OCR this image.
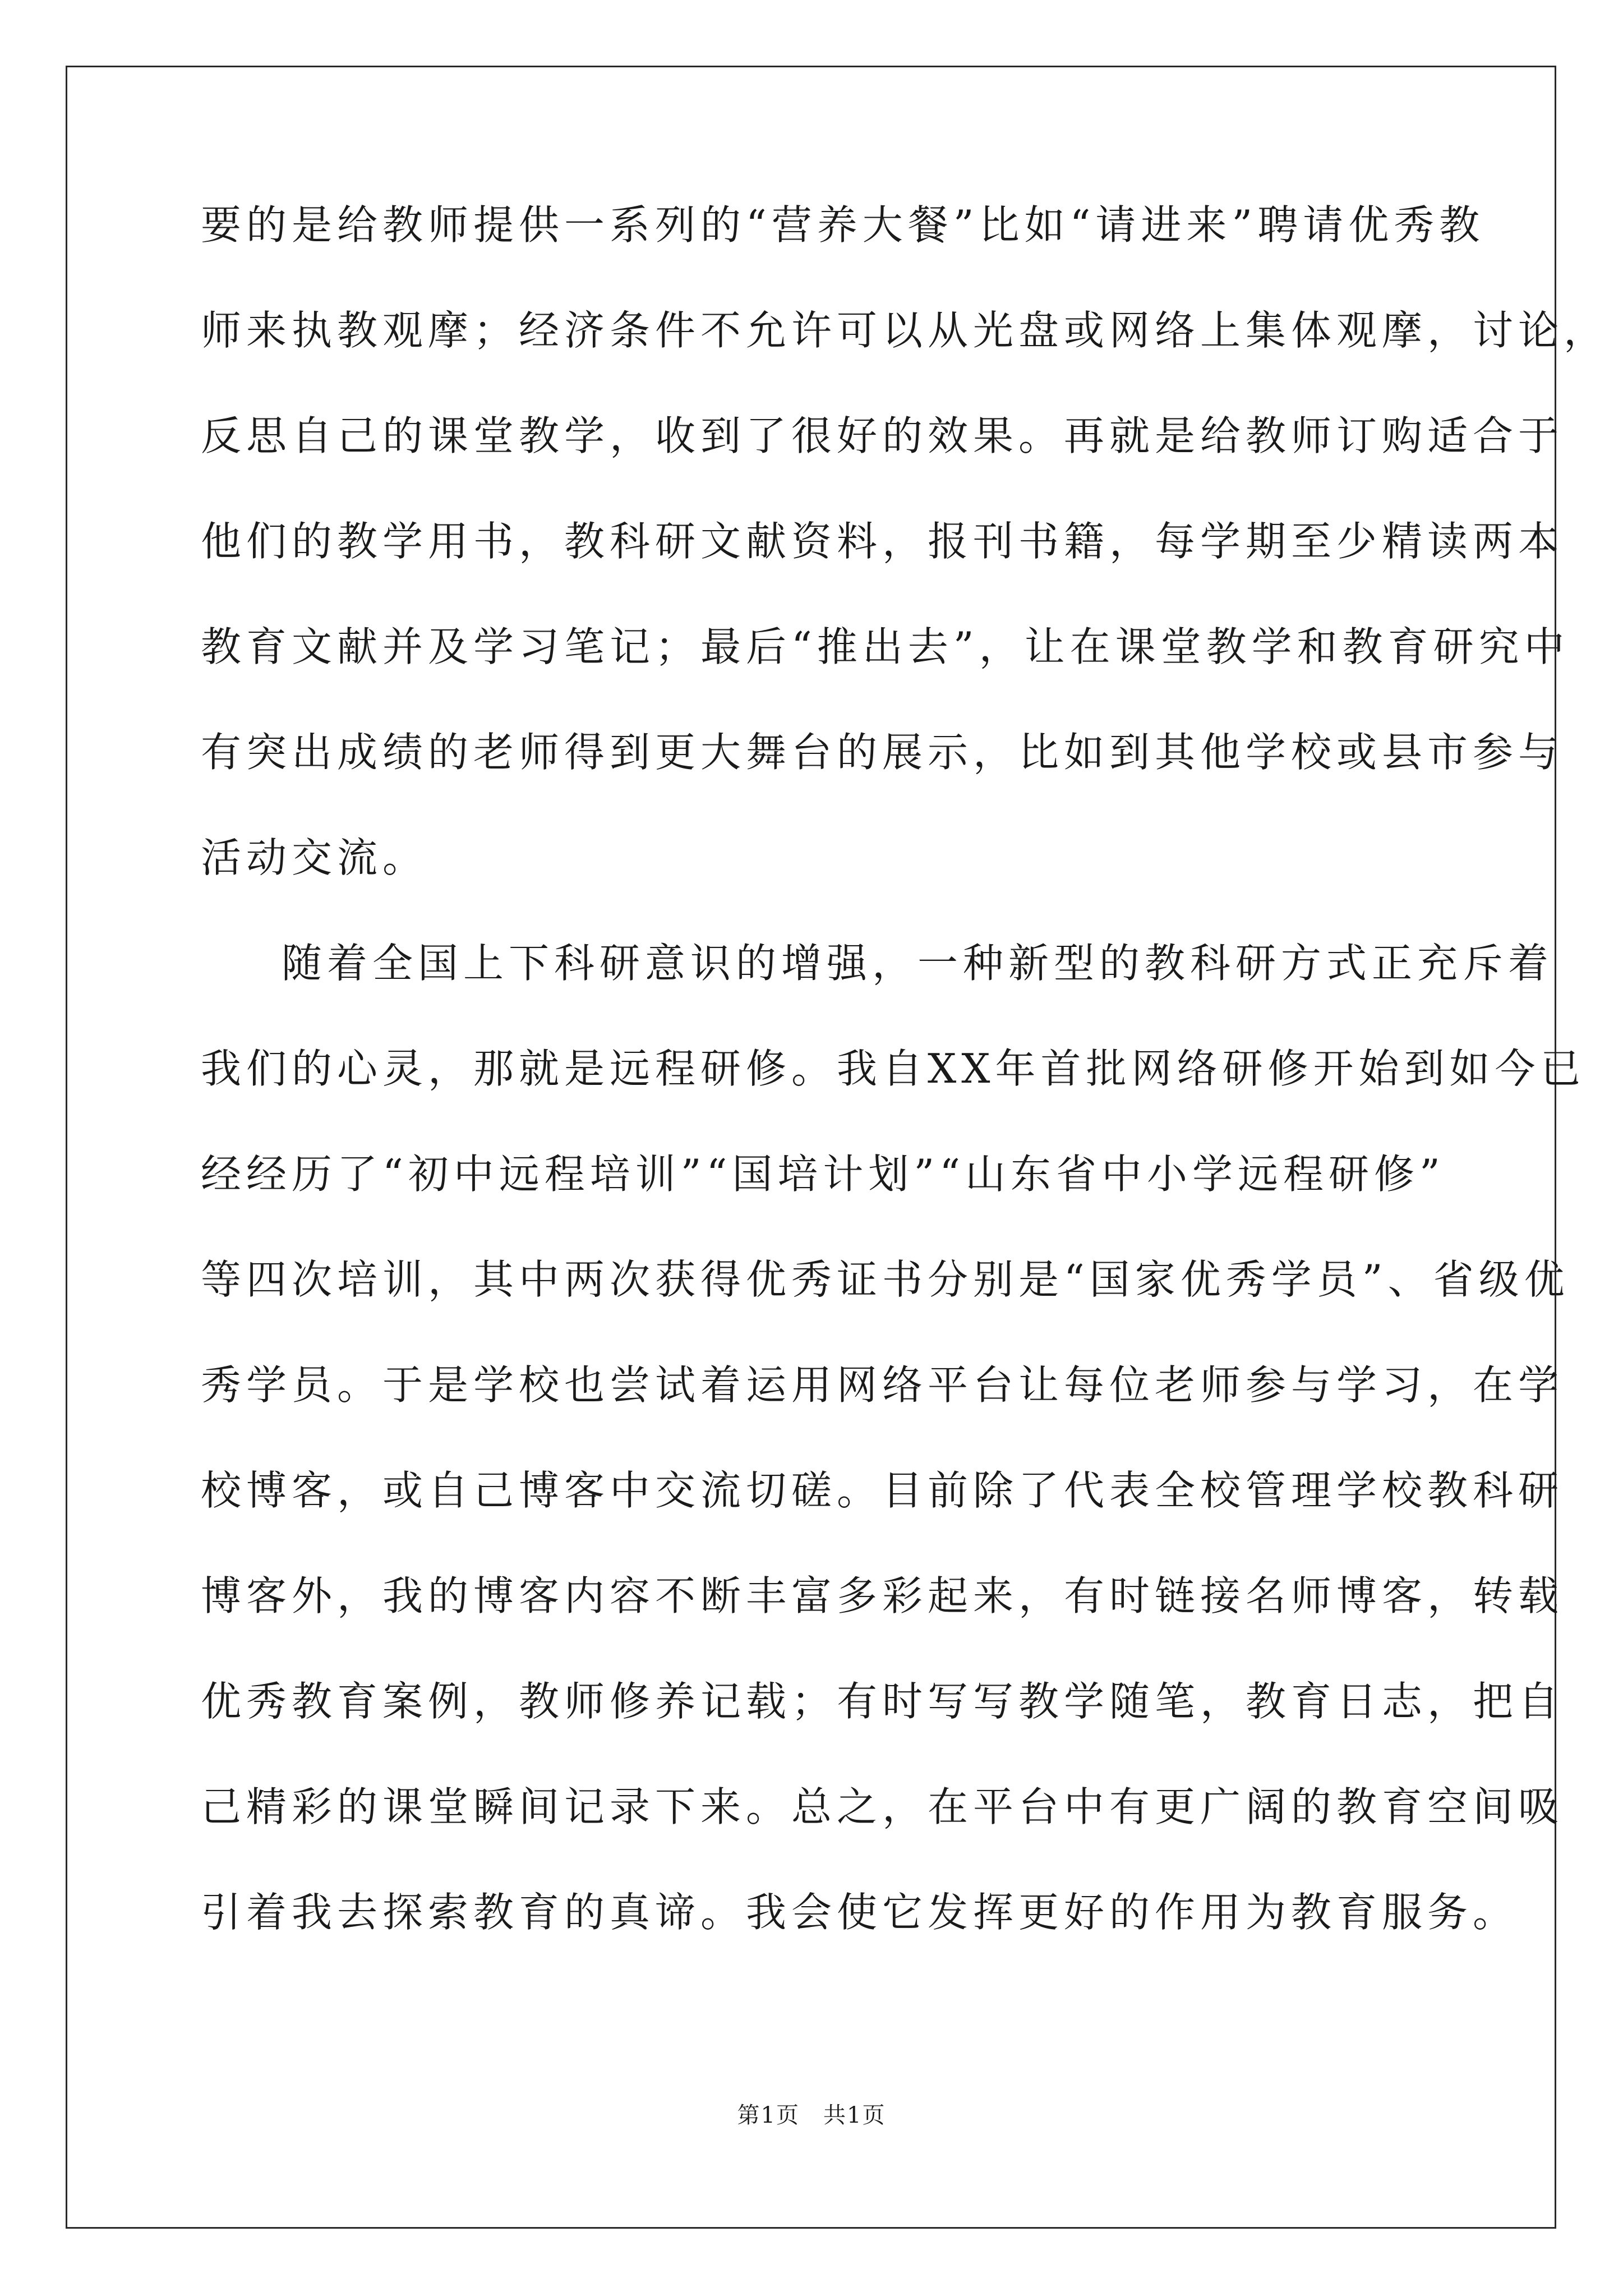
要的是给教师提供一系列的“营养大餐”比如“请进来”聘请优秀教
师来执教观摩；经济条件不允许可以从光盘或网络上集体观摩，讨论，
反思自己的课堂教学，收到了很好的效果。再就是给教师订购适合于
他们的教学用书，教科研文献资料，报刊书籍，每学期至少精读两本
教育文献并及学习笔记；最后“推出去”，让在课堂教学和教育研究中
有突出成绩的老师得到更大舞台的展示，比如到其他学校或县市参与
活动交流。
随着全国上下科研意识的增强，一种新型的教科研方式正充斥着
我们的心灵，那就是远程研修。我自XX年首批网络研修开始到如今已
经经历了“初中远程培训”“国培计划”“山东省中小学远程研修”
等四次培训，其中两次获得优秀证书分别是“国家优秀学员”、省级优
秀学员。于是学校也尝试着运用网络平台让每位老师参与学习，在学
校博客，或自己博客中交流切磋。目前除了代表全校管理学校教科研
博客外，我的博客内容不断丰富多彩起来，有时链接名师博客，转载
优秀教育案例，教师修养记载；有时写写教学随笔，教育日志，把自
己精彩的课堂瞬间记录下来。总之，在平台中有更广阔的教育空间吸
引着我去探索教育的真谛。我会使它发挥更好的作用为教育服务。
第1页　共1页
